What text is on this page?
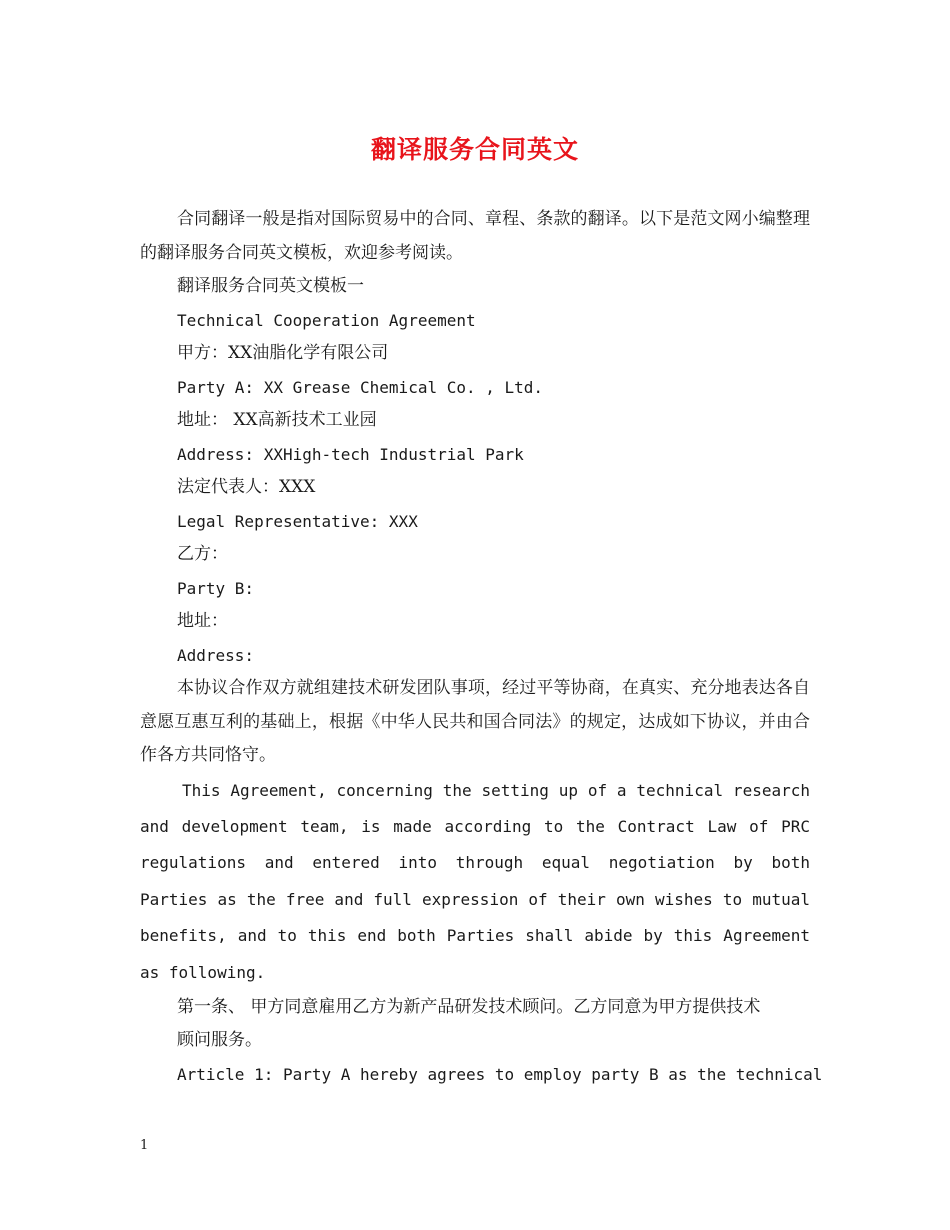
翻译服务合同英文

合同翻译一般是指对国际贸易中的合同、章程、条款的翻译。以下是范文网小编整理的翻译服务合同英文模板，欢迎参考阅读。

翻译服务合同英文模板一

Technical Cooperation Agreement

甲方：XX油脂化学有限公司

Party A: XX Grease Chemical Co. , Ltd.

地址： XX高新技术工业园

Address: XXHigh-tech Industrial Park

法定代表人：XXX

Legal Representative: XXX

乙方：

Party B:

地址：

Address:

本协议合作双方就组建技术研发团队事项，经过平等协商，在真实、充分地表达各自意愿互惠互利的基础上，根据《中华人民共和国合同法》的规定，达成如下协议，并由合作各方共同恪守。

This Agreement, concerning the setting up of a technical research and development team, is made according to the Contract Law of PRC regulations and entered into through equal negotiation by both Parties as the free and full expression of their own wishes to mutual benefits, and to this end both Parties shall abide by this Agreement as following.

第一条、 甲方同意雇用乙方为新产品研发技术顾问。乙方同意为甲方提供技术

顾问服务。

Article 1: Party A hereby agrees to employ party B as the technical

1
